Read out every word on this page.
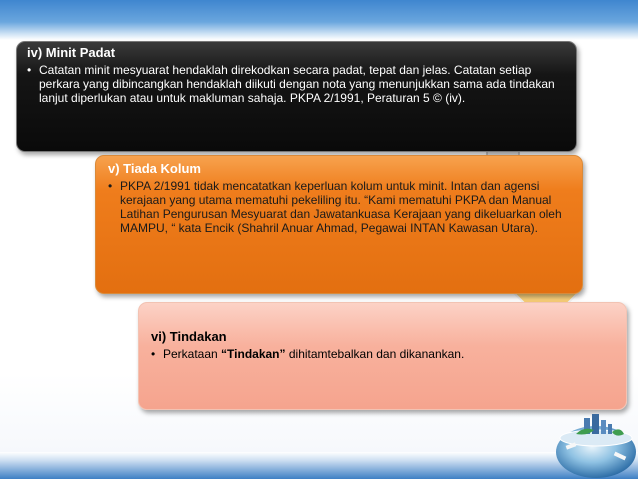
iv) Minit Padat
• Catatan minit mesyuarat hendaklah direkodkan secara padat, tepat dan jelas. Catatan setiap perkara yang dibincangkan hendaklah diikuti dengan nota yang menunjukkan sama ada tindakan lanjut diperlukan atau untuk makluman sahaja. PKPA 2/1991, Peraturan 5 © (iv).
v) Tiada Kolum
• PKPA 2/1991 tidak mencatatkan keperluan kolum untuk minit. Intan dan agensi kerajaan yang utama mematuhi pekeliling itu. “Kami mematuhi PKPA dan Manual Latihan Pengurusan Mesyuarat dan Jawatankuasa Kerajaan yang dikeluarkan oleh MAMPU, “ kata Encik (Shahril Anuar Ahmad, Pegawai INTAN Kawasan Utara).
vi) Tindakan
• Perkataan “Tindakan” dihitamtebalkan dan dikanankan.
